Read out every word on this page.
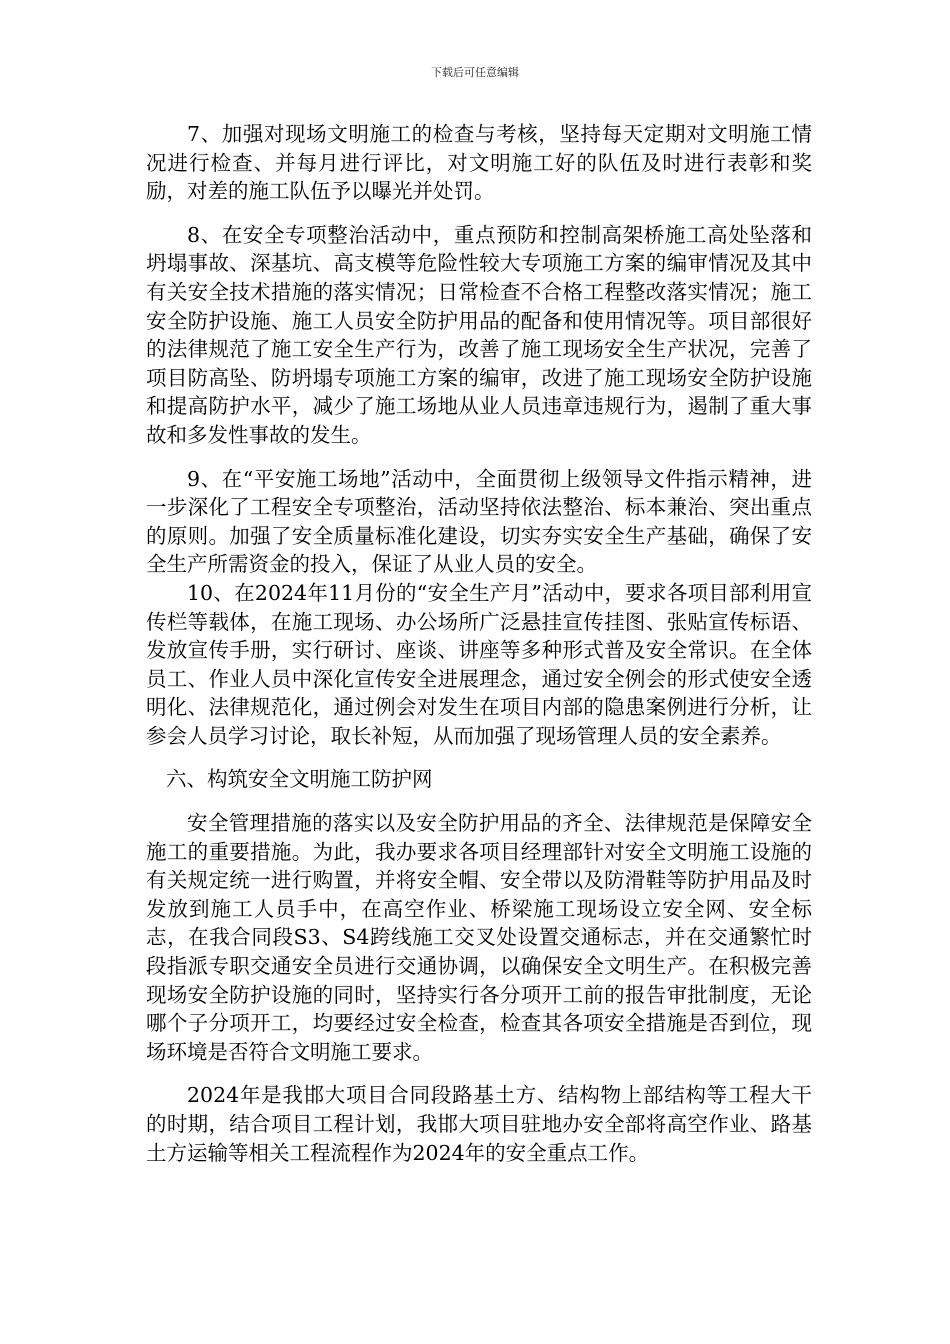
下载后可任意编辑

7、加强对现场文明施工的检查与考核，坚持每天定期对文明施工情况进行检查、并每月进行评比，对文明施工好的队伍及时进行表彰和奖励，对差的施工队伍予以曝光并处罚。

8、在安全专项整治活动中，重点预防和控制高架桥施工高处坠落和坍塌事故、深基坑、高支模等危险性较大专项施工方案的编审情况及其中有关安全技术措施的落实情况；日常检查不合格工程整改落实情况；施工安全防护设施、施工人员安全防护用品的配备和使用情况等。项目部很好的法律规范了施工安全生产行为，改善了施工现场安全生产状况，完善了项目防高坠、防坍塌专项施工方案的编审，改进了施工现场安全防护设施和提高防护水平，减少了施工场地从业人员违章违规行为，遏制了重大事故和多发性事故的发生。

9、在“平安施工场地”活动中，全面贯彻上级领导文件指示精神，进一步深化了工程安全专项整治，活动坚持依法整治、标本兼治、突出重点的原则。加强了安全质量标准化建设，切实夯实安全生产基础，确保了安全生产所需资金的投入，保证了从业人员的安全。

10、在2024年11月份的“安全生产月”活动中，要求各项目部利用宣传栏等载体，在施工现场、办公场所广泛悬挂宣传挂图、张贴宣传标语、发放宣传手册，实行研讨、座谈、讲座等多种形式普及安全常识。在全体员工、作业人员中深化宣传安全进展理念，通过安全例会的形式使安全透明化、法律规范化，通过例会对发生在项目内部的隐患案例进行分析，让参会人员学习讨论，取长补短，从而加强了现场管理人员的安全素养。

六、构筑安全文明施工防护网

安全管理措施的落实以及安全防护用品的齐全、法律规范是保障安全施工的重要措施。为此，我办要求各项目经理部针对安全文明施工设施的有关规定统一进行购置，并将安全帽、安全带以及防滑鞋等防护用品及时发放到施工人员手中，在高空作业、桥梁施工现场设立安全网、安全标志，在我合同段S3、S4跨线施工交叉处设置交通标志，并在交通繁忙时段指派专职交通安全员进行交通协调，以确保安全文明生产。在积极完善现场安全防护设施的同时，坚持实行各分项开工前的报告审批制度，无论哪个子分项开工，均要经过安全检查，检查其各项安全措施是否到位，现场环境是否符合文明施工要求。

2024年是我邯大项目合同段路基土方、结构物上部结构等工程大干的时期，结合项目工程计划，我邯大项目驻地办安全部将高空作业、路基土方运输等相关工程流程作为2024年的安全重点工作。
